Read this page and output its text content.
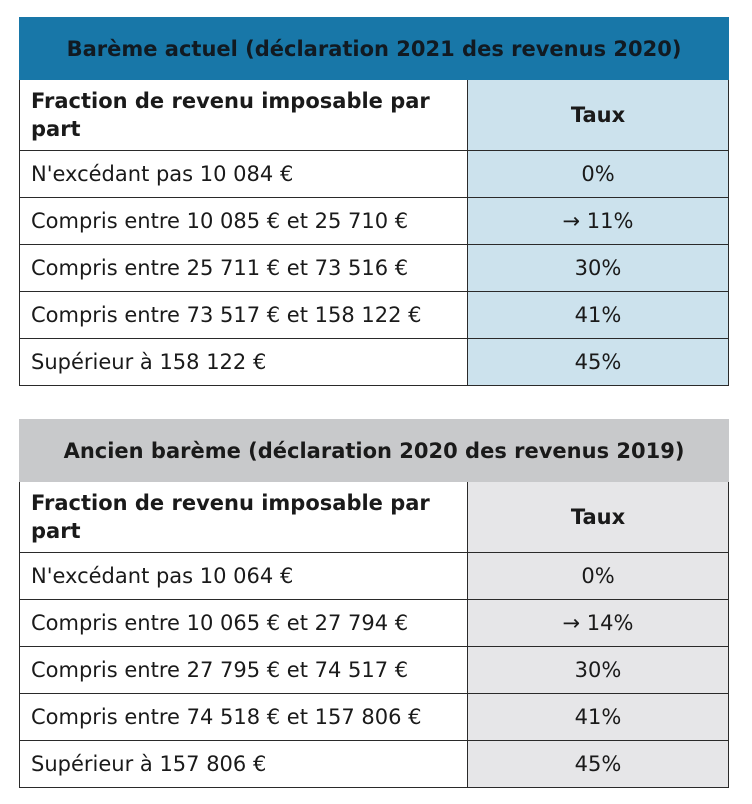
Barème actuel (déclaration 2021 des revenus 2020)	
Fraction de revenu imposable par part	Taux
N'excédant pas 10 084 €	0%
Compris entre 10 085 € et 25 710 €	→ 11%
Compris entre 25 711 € et 73 516 €	30%
Compris entre 73 517 € et 158 122 €	41%
Supérieur à 158 122 €	45%
Ancien barème (déclaration 2020 des revenus 2019)	
Fraction de revenu imposable par part	Taux
N'excédant pas 10 064 €	0%
Compris entre 10 065 € et 27 794 €	→ 14%
Compris entre 27 795 € et 74 517 €	30%
Compris entre 74 518 € et 157 806 €	41%
Supérieur à 157 806 €	45%
